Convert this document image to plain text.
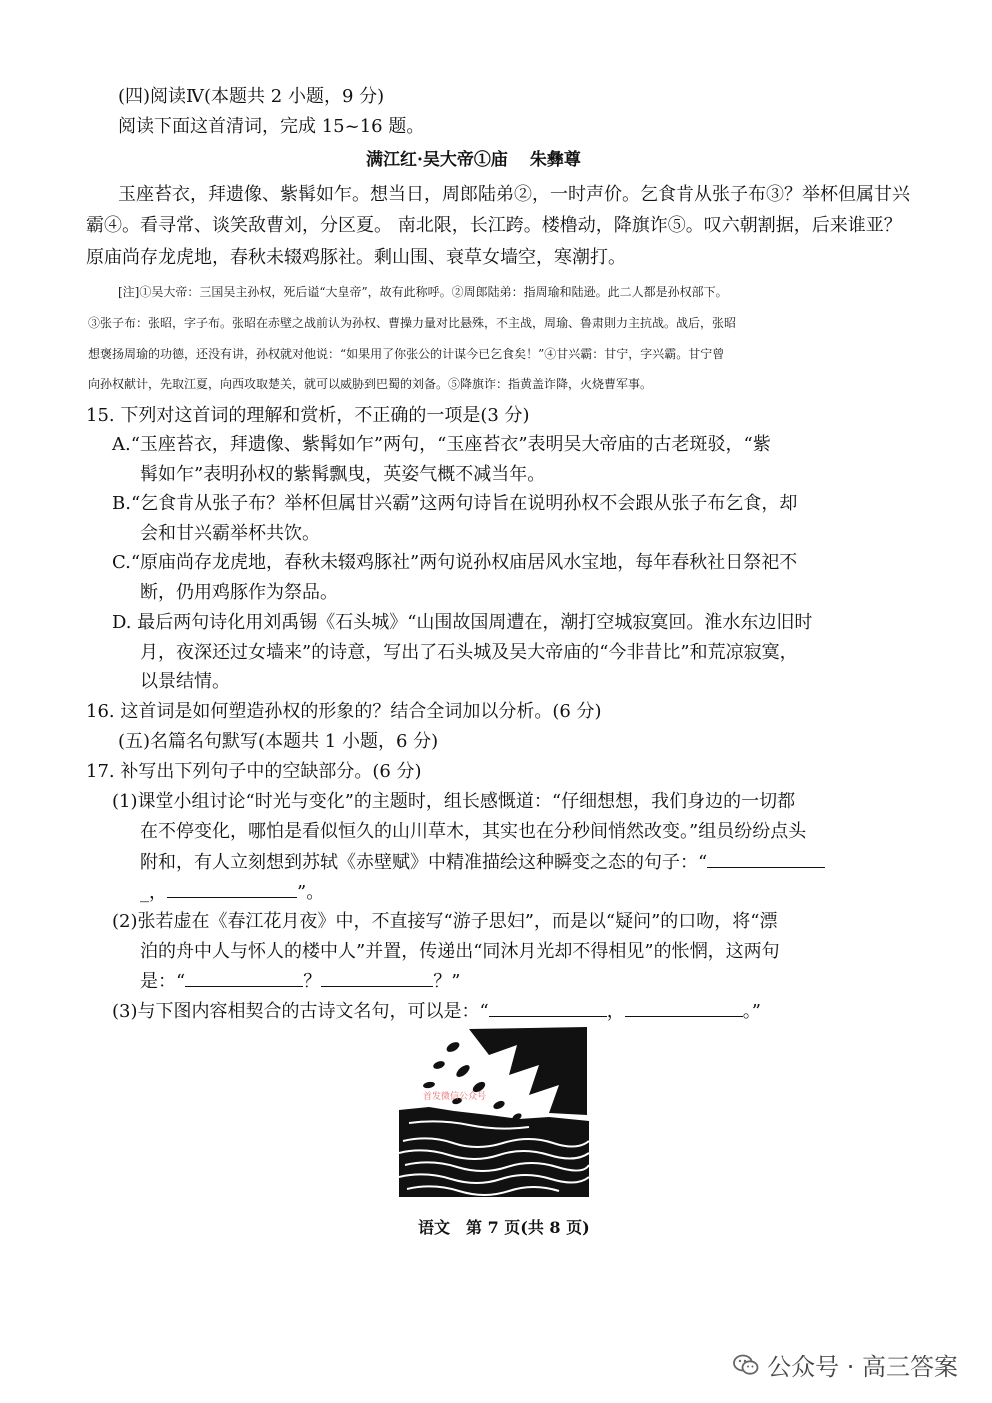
(四)阅读Ⅳ(本题共 2 小题，9 分)
阅读下面这首清词，完成 15~16 题。
满江红·吴大帝①庙 朱彝尊
玉座苔衣，拜遗像、紫髯如乍。想当日，周郎陆弟②，一时声价。乞食肯从张子布③？举杯但属甘兴
霸④。看寻常、谈笑敌曹刘，分区夏。 南北限，长江跨。楼橹动，降旗诈⑤。叹六朝割据，后来谁亚？
原庙尚存龙虎地，春秋未辍鸡豚社。剩山围、衰草女墙空，寒潮打。
[注]①吴大帝：三国吴主孙权，死后谥“大皇帝”，故有此称呼。②周郎陆弟：指周瑜和陆逊。此二人都是孙权部下。
③张子布：张昭，字子布。张昭在赤壁之战前认为孙权、曹操力量对比悬殊，不主战，周瑜、鲁肃則力主抗战。战后，张昭
想褒扬周瑜的功德，还没有讲，孙权就对他说：“如果用了你张公的计谋今已乞食矣！”④甘兴霸：甘宁，字兴霸。甘宁曾
向孙权献计，先取江夏，向西攻取楚关，就可以威胁到巴蜀的刘备。⑤降旗诈：指黄盖诈降，火烧曹军事。
15. 下列对这首词的理解和赏析，不正确的一项是(3 分)
A.“玉座苔衣，拜遗像、紫髯如乍”两句，“玉座苔衣”表明吴大帝庙的古老斑驳，“紫
髯如乍”表明孙权的紫髯飘曳，英姿气概不减当年。
B.“乞食肯从张子布？举杯但属甘兴霸”这两句诗旨在说明孙权不会跟从张子布乞食，却
会和甘兴霸举杯共饮。
C.“原庙尚存龙虎地，春秋未辍鸡豚社”两句说孙权庙居风水宝地，每年春秋社日祭祀不
断，仍用鸡豚作为祭品。
D. 最后两句诗化用刘禹锡《石头城》“山围故国周遭在，潮打空城寂寞回。淮水东边旧时
月，夜深还过女墙来”的诗意，写出了石头城及吴大帝庙的“今非昔比”和荒凉寂寞，
以景结情。
16. 这首词是如何塑造孙权的形象的？结合全词加以分析。(6 分)
(五)名篇名句默写(本题共 1 小题，6 分)
17. 补写出下列句子中的空缺部分。(6 分)
(1)课堂小组讨论“时光与变化”的主题时，组长感慨道：“仔细想想，我们身边的一切都
在不停变化，哪怕是看似恒久的山川草木，其实也在分秒间悄然改变。”组员纷纷点头
附和，有人立刻想到苏轼《赤壁赋》中精准描绘这种瞬变之态的句子：“
_，	”。
(2)张若虚在《春江花月夜》中，不直接写“游子思妇”，而是以“疑问”的口吻，将“漂
泊的舟中人与怀人的楼中人”并置，传递出“同沐月光却不得相见”的怅惘，这两句
是：“	？	？”
(3)与下图内容相契合的古诗文名句，可以是：“	，	。”
首发微信公众号
语文　第 7 页(共 8 页)
公众号 · 高三答案
